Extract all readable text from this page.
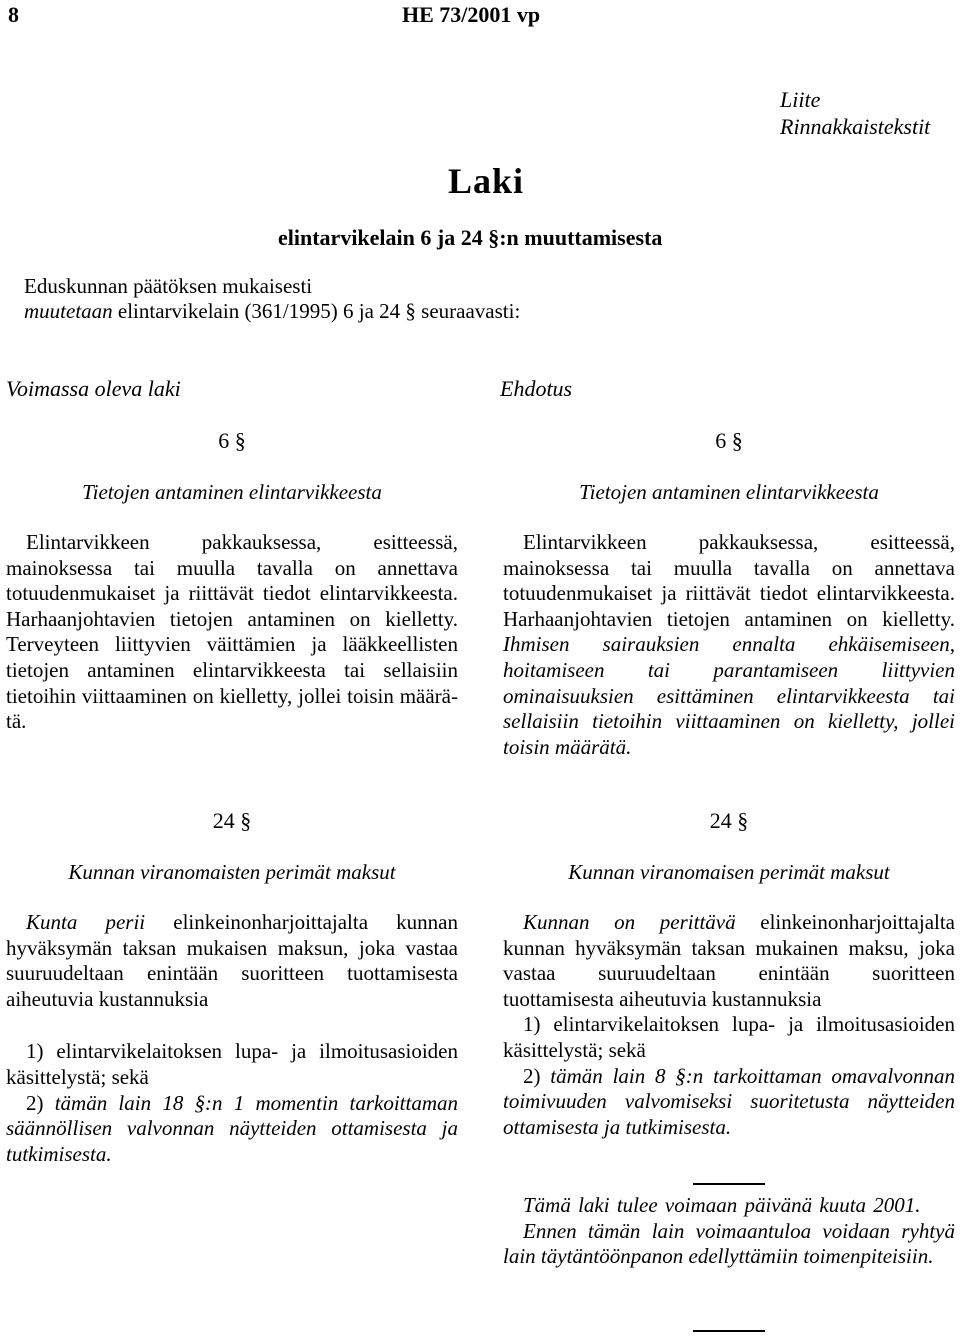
8	HE 73/2001 vp
Liite
Rinnakkaistekstit
Laki
elintarvikelain 6 ja 24 §:n muuttamisesta
Eduskunnan päätöksen mukaisesti
muutetaan elintarvikelain (361/1995) 6 ja 24 § seuraavasti:
Voimassa oleva laki
6 §
Tietojen antaminen elintarvikkeesta

Elintarvikkeen pakkauksessa, esitteessä, mainoksessa tai muulla tavalla on annettava totuudenmukaiset ja riittävät tiedot elintarvikkeesta. Harhaanjohtavien tietojen antaminen on kielletty. Terveyteen liittyvien väittämien ja lääkkeellisten tietojen antaminen elintarvikkeesta tai sellaisiin tietoihin viittaaminen on kielletty, jollei toisin määrätä.

24 §
Kunnan viranomaisten perimät maksut

Kunta perii elinkeinonharjoittajalta kunnan hyväksymän taksan mukaisen maksun, joka vastaa suuruudeltaan enintään suoritteen tuottamisesta aiheutuvia kustannuksia

1) elintarvikelaitoksen lupa- ja ilmoitusasioiden käsittelystä; sekä

2) tämän lain 18 §:n 1 momentin tarkoittaman säännöllisen valvonnan näytteiden ottamisesta ja tutkimisesta.

Ehdotus
6 §
Tietojen antaminen elintarvikkeesta

Elintarvikkeen pakkauksessa, esitteessä, mainoksessa tai muulla tavalla on annettava totuudenmukaiset ja riittävät tiedot elintarvikkeesta. Harhaanjohtavien tietojen antaminen on kielletty. Ihmisen sairauksien ennalta ehkäisemiseen, hoitamiseen tai parantamiseen liittyvien ominaisuuksien esittäminen elintarvikkeesta tai sellaisiin tietoihin viittaaminen on kielletty, jollei toisin määrätä.

24 §
Kunnan viranomaisen perimät maksut

Kunnan on perittävä elinkeinonharjoittajalta kunnan hyväksymän taksan mukainen maksu, joka vastaa suuruudeltaan enintään suoritteen tuottamisesta aiheutuvia kustannuksia

1) elintarvikelaitoksen lupa- ja ilmoitusasioiden käsittelystä; sekä

2) tämän lain 8 §:n tarkoittaman omavalvonnan toimivuuden valvomiseksi suoritetusta näytteiden ottamisesta ja tutkimisesta.

Tämä laki tulee voimaan päivänä kuuta 2001.

Ennen tämän lain voimaantuloa voidaan ryhtyä lain täytäntöönpanon edellyttämiin toimenpiteisiin.
